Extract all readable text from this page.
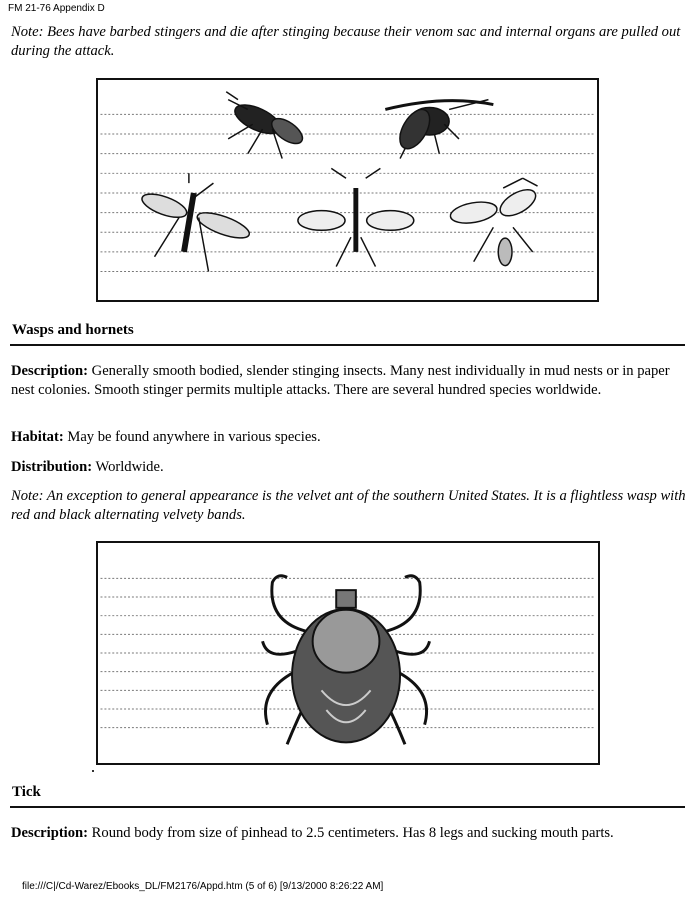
FM 21-76 Appendix D
Note: Bees have barbed stingers and die after stinging because their venom sac and internal organs are pulled out during the attack.
Wasps and hornets
Description: Generally smooth bodied, slender stinging insects. Many nest individually in mud nests or in paper nest colonies. Smooth stinger permits multiple attacks. There are several hundred species worldwide.
Habitat: May be found anywhere in various species.
Distribution: Worldwide.
Note: An exception to general appearance is the velvet ant of the southern United States. It is a flightless wasp with red and black alternating velvety bands.
Tick
Description: Round body from size of pinhead to 2.5 centimeters. Has 8 legs and sucking mouth parts.
file:///C|/Cd-Warez/Ebooks_DL/FM2176/Appd.htm (5 of 6) [9/13/2000 8:26:22 AM]
